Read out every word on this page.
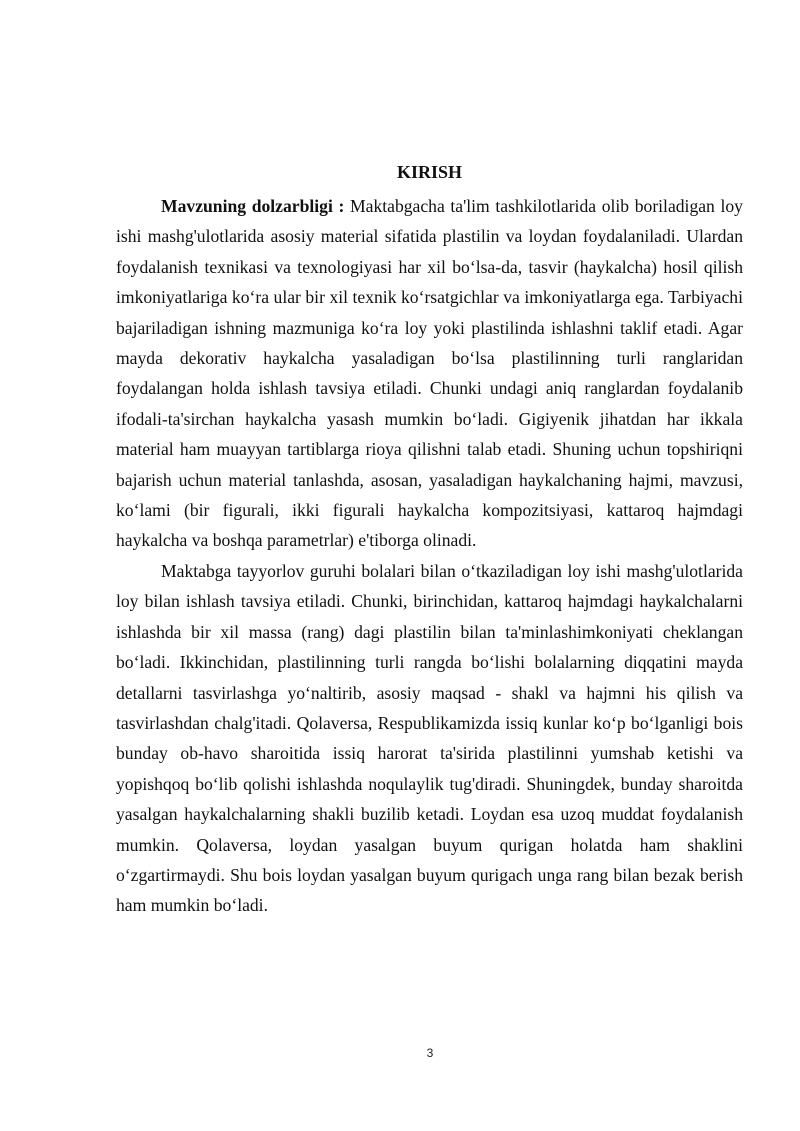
KIRISH

Mavzuning dolzarbligi : Maktabgacha ta'lim tashkilotlarida olib boriladigan loy ishi mashg'ulotlarida asosiy material sifatida plastilin va loydan foydalaniladi. Ulardan foydalanish texnikasi va texnologiyasi har xil bo‘lsa-da, tasvir (haykalcha) hosil qilish imkoniyatlariga ko‘ra ular bir xil texnik ko‘rsatgichlar va imkoniyatlarga ega. Tarbiyachi bajariladigan ishning mazmuniga ko‘ra loy yoki plastilinda ishlashni taklif etadi. Agar mayda dekorativ haykalcha yasaladigan bo‘lsa plastilinning turli ranglaridan foydalangan holda ishlash tavsiya etiladi. Chunki undagi aniq ranglardan foydalanib ifodali-ta'sirchan haykalcha yasash mumkin bo‘ladi. Gigiyenik jihatdan har ikkala material ham muayyan tartiblarga rioya qilishni talab etadi. Shuning uchun topshiriqni bajarish uchun material tanlashda, asosan, yasaladigan haykalchaning hajmi, mavzusi, ko‘lami (bir figurali, ikki figurali haykalcha kompozitsiyasi, kattaroq hajmdagi haykalcha va boshqa parametrlar) e'tiborga olinadi.

Maktabga tayyorlov guruhi bolalari bilan o‘tkaziladigan loy ishi mashg'ulotlarida loy bilan ishlash tavsiya etiladi. Chunki, birinchidan, kattaroq hajmdagi haykalchalarni ishlashda bir xil massa (rang) dagi plastilin bilan ta'minlashimkoniyati cheklangan bo‘ladi. Ikkinchidan, plastilinning turli rangda bo‘lishi bolalarning diqqatini mayda detallarni tasvirlashga yo‘naltirib, asosiy maqsad - shakl va hajmni his qilish va tasvirlashdan chalg'itadi. Qolaversa, Respublikamizda issiq kunlar ko‘p bo‘lganligi bois bunday ob-havo sharoitida issiq harorat ta'sirida plastilinni yumshab ketishi va yopishqoq bo‘lib qolishi ishlashda noqulaylik tug'diradi. Shuningdek, bunday sharoitda yasalgan haykalchalarning shakli buzilib ketadi. Loydan esa uzoq muddat foydalanish mumkin. Qolaversa, loydan yasalgan buyum qurigan holatda ham shaklini o‘zgartirmaydi. Shu bois loydan yasalgan buyum qurigach unga rang bilan bezak berish ham mumkin bo‘ladi.

3
